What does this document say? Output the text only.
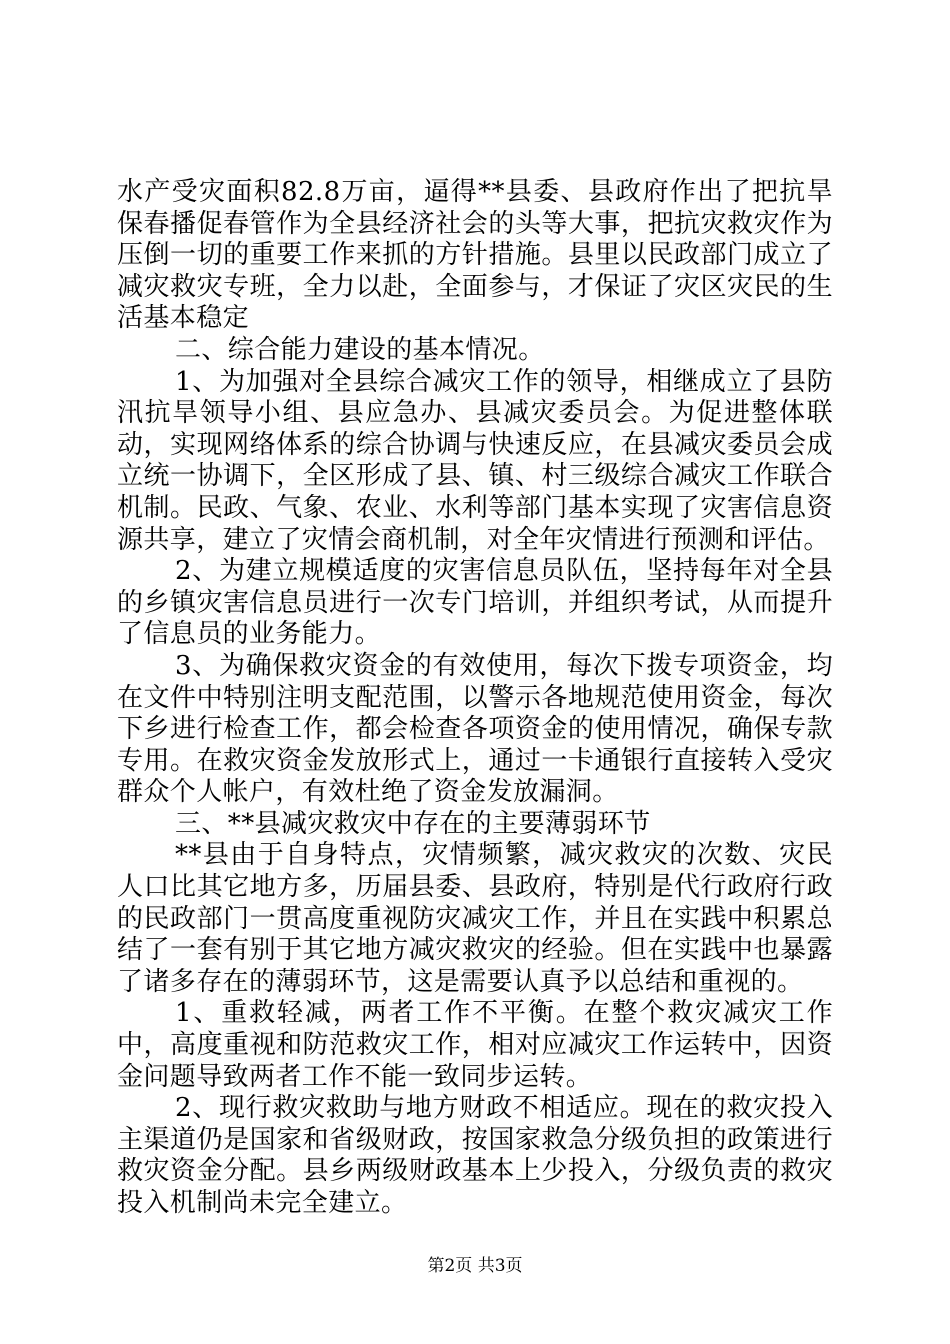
水产受灾面积82.8万亩，逼得**县委、县政府作出了把抗旱保春播促春管作为全县经济社会的头等大事，把抗灾救灾作为压倒一切的重要工作来抓的方针措施。县里以民政部门成立了减灾救灾专班，全力以赴，全面参与，才保证了灾区灾民的生活基本稳定

二、综合能力建设的基本情况。

1、为加强对全县综合减灾工作的领导，相继成立了县防汛抗旱领导小组、县应急办、县减灾委员会。为促进整体联动，实现网络体系的综合协调与快速反应，在县减灾委员会成立统一协调下，全区形成了县、镇、村三级综合减灾工作联合机制。民政、气象、农业、水利等部门基本实现了灾害信息资源共享，建立了灾情会商机制，对全年灾情进行预测和评估。

2、为建立规模适度的灾害信息员队伍，坚持每年对全县的乡镇灾害信息员进行一次专门培训，并组织考试，从而提升了信息员的业务能力。

3、为确保救灾资金的有效使用，每次下拨专项资金，均在文件中特别注明支配范围，以警示各地规范使用资金，每次下乡进行检查工作，都会检查各项资金的使用情况，确保专款专用。在救灾资金发放形式上，通过一卡通银行直接转入受灾群众个人帐户，有效杜绝了资金发放漏洞。

三、**县减灾救灾中存在的主要薄弱环节

**县由于自身特点，灾情频繁，减灾救灾的次数、灾民人口比其它地方多，历届县委、县政府，特别是代行政府行政的民政部门一贯高度重视防灾减灾工作，并且在实践中积累总结了一套有别于其它地方减灾救灾的经验。但在实践中也暴露了诸多存在的薄弱环节，这是需要认真予以总结和重视的。

1、重救轻减，两者工作不平衡。在整个救灾减灾工作中，高度重视和防范救灾工作，相对应减灾工作运转中，因资金问题导致两者工作不能一致同步运转。

2、现行救灾救助与地方财政不相适应。现在的救灾投入主渠道仍是国家和省级财政，按国家救急分级负担的政策进行救灾资金分配。县乡两级财政基本上少投入，分级负责的救灾投入机制尚未完全建立。

第2页 共3页
